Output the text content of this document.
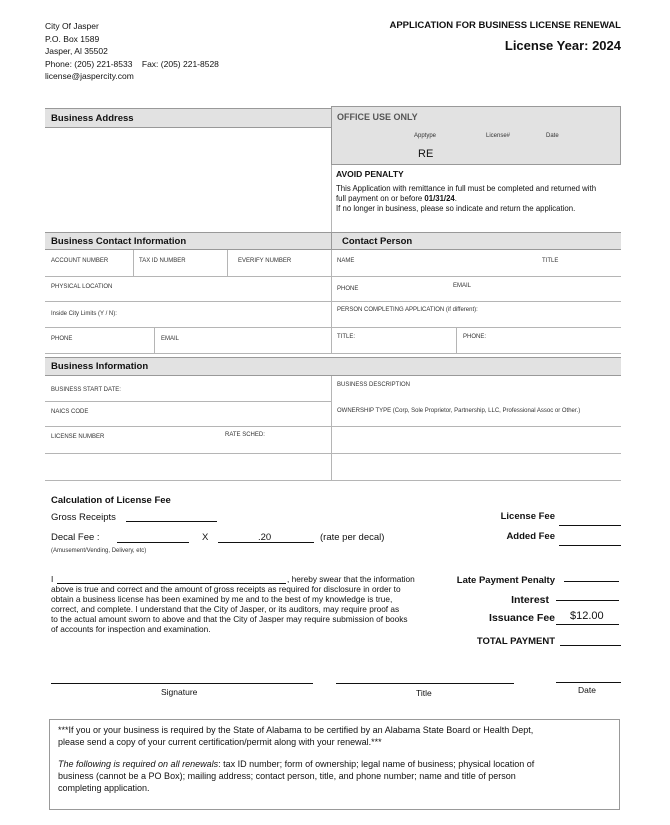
City Of Jasper
P.O. Box 1589
Jasper, Al 35502
Phone: (205) 221-8533 Fax: (205) 221-8528
license@jaspercity.com
APPLICATION FOR BUSINESS LICENSE RENEWAL
License Year: 2024
Business Address	OFFICE USE ONLY
Apptype	License#	Date
RE
AVOID PENALTY
This Application with remittance in full must be completed and returned with
full payment on or before 01/31/24.
If no longer in business, please so indicate and return the application.
Business Contact Information	Contact Person
ACCOUNT NUMBER	TAX ID NUMBER	EVERIFY NUMBER
PHYSICAL LOCATION
Inside City Limits (Y / N):
PHONE	EMAIL
NAME	TITLE
PHONE	EMAIL
PERSON COMPLETING APPLICATION (if different):
TITLE:	PHONE:
Business Information
BUSINESS START DATE:
NAICS CODE
LICENSE NUMBER	RATE SCHED:
BUSINESS DESCRIPTION
OWNERSHIP TYPE (Corp, Sole Proprietor, Partnership, LLC, Professional Assoc or Other.)
Calculation of License Fee
Gross Receipts
Decal Fee :	X	.20	(rate per decal)
(Amusement/Vending, Delivery, etc)
License Fee
Added Fee
Late Payment Penalty
Interest
Issuance Fee $12.00
TOTAL PAYMENT
I	, hereby swear that the information
above is true and correct and the amount of gross receipts as required for disclosure in order to
obtain a business license has been examined by me and to the best of my knowledge is true,
correct, and complete. I understand that the City of Jasper, or its auditors, may require proof as
to the actual amount sworn to above and that the City of Jasper may require submission of books
of accounts for inspection and examination.
Signature	Title	Date
***If you or your business is required by the State of Alabama to be certified by an Alabama State Board or Health Dept,
please send a copy of your current certification/permit along with your renewal.***
The following is required on all renewals: tax ID number; form of ownership; legal name of business; physical location of
business (cannot be a PO Box); mailing address; contact person, title, and phone number; name and title of person
completing application.
